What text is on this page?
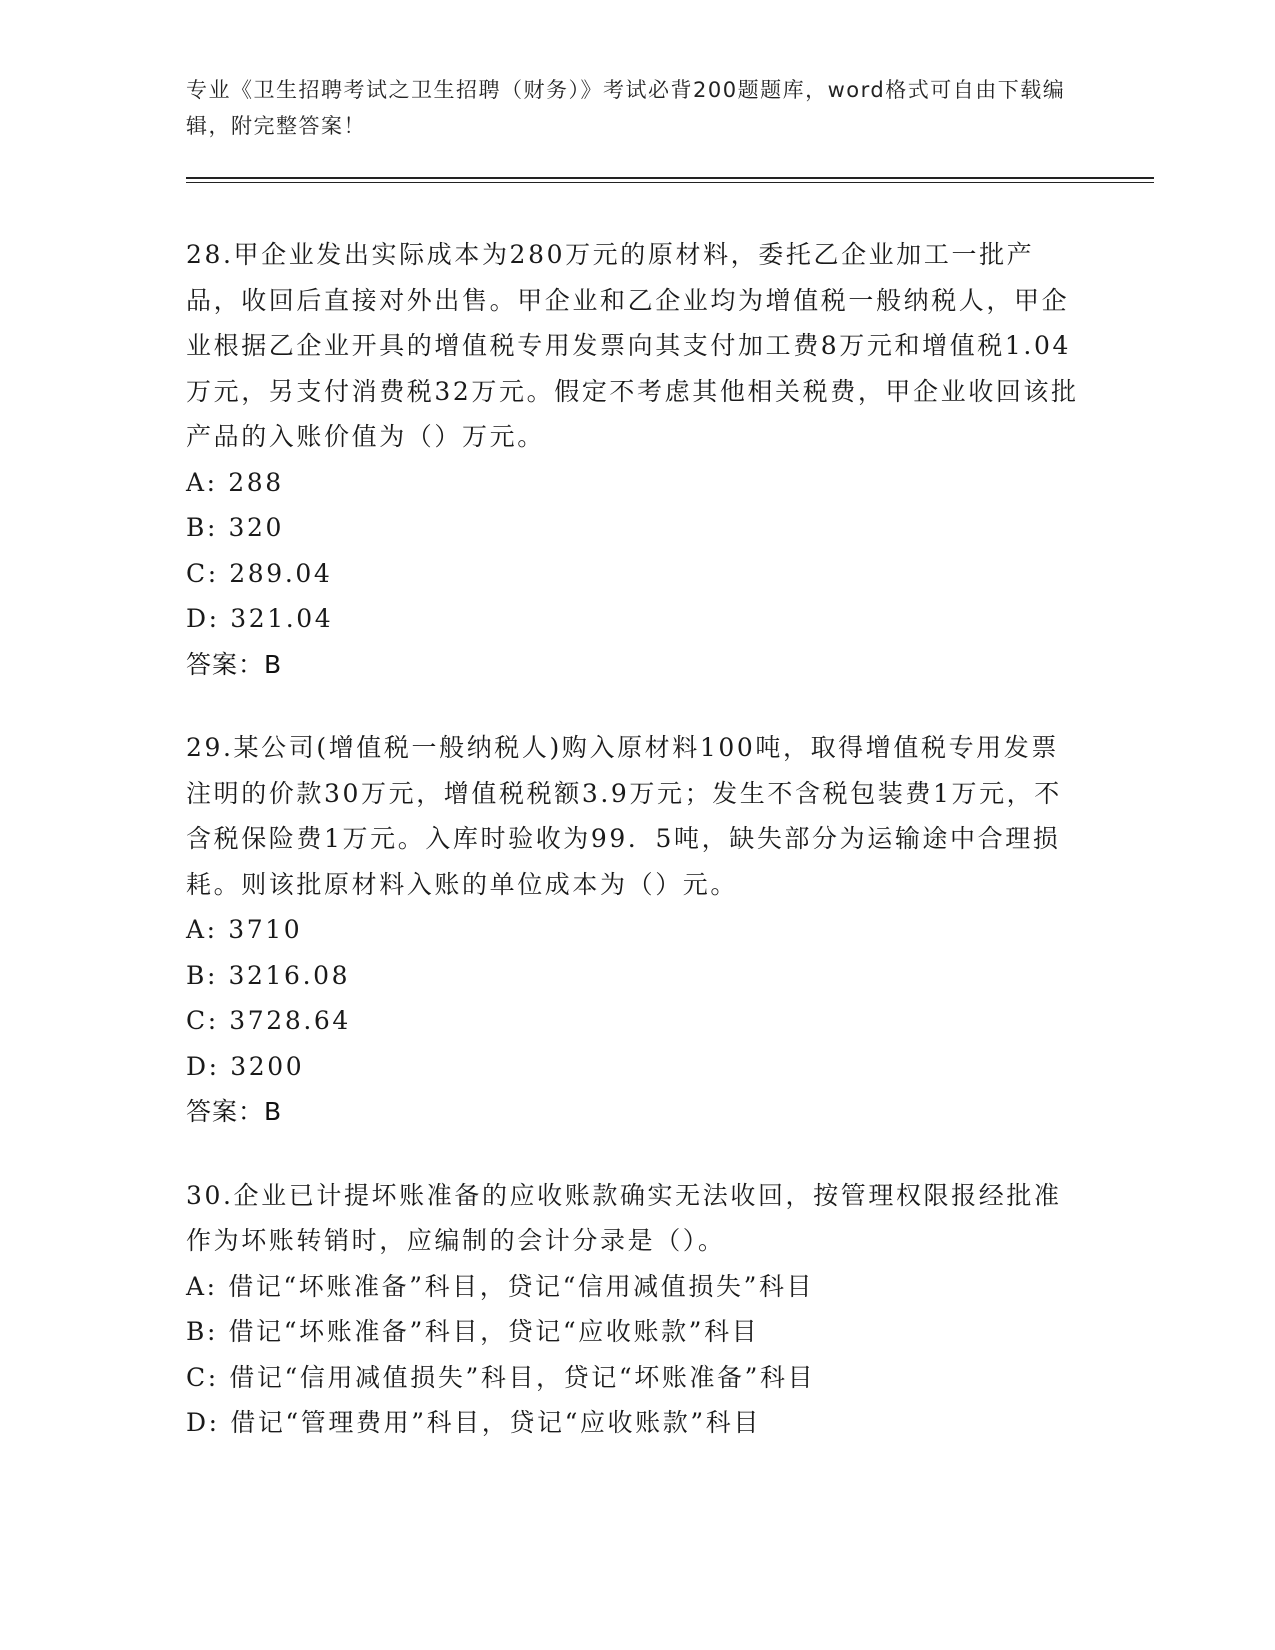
专业《卫生招聘考试之卫生招聘（财务）》考试必背200题题库，word格式可自由下载编辑，附完整答案！

28.甲企业发出实际成本为280万元的原材料，委托乙企业加工一批产品，收回后直接对外出售。甲企业和乙企业均为增值税一般纳税人，甲企业根据乙企业开具的增值税专用发票向其支付加工费8万元和增值税1.04万元，另支付消费税32万元。假定不考虑其他相关税费，甲企业收回该批产品的入账价值为（）万元。

A: 288
B: 320
C: 289.04
D: 321.04
答案：B

29.某公司(增值税一般纳税人)购入原材料100吨，取得增值税专用发票注明的价款30万元，增值税税额3.9万元；发生不含税包装费1万元，不含税保险费1万元。入库时验收为99．5吨，缺失部分为运输途中合理损耗。则该批原材料入账的单位成本为（）元。

A: 3710
B: 3216.08
C: 3728.64
D: 3200
答案：B

30.企业已计提坏账准备的应收账款确实无法收回，按管理权限报经批准作为坏账转销时，应编制的会计分录是（）。

A: 借记“坏账准备”科目，贷记“信用减值损失”科目
B: 借记“坏账准备”科目，贷记“应收账款”科目
C: 借记“信用减值损失”科目，贷记“坏账准备”科目
D: 借记“管理费用”科目，贷记“应收账款”科目
